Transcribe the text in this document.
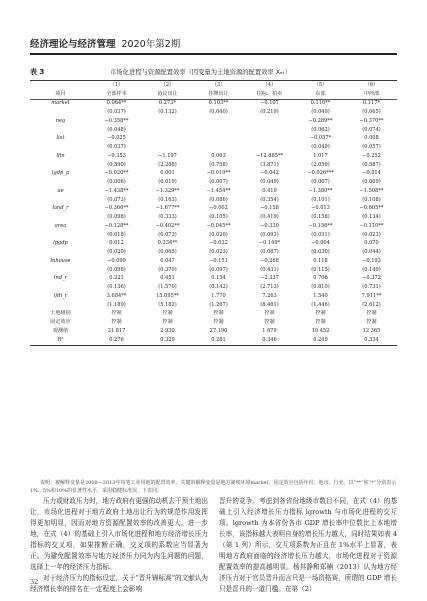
经济理论与经济管理 2020年第2期
表 3	市场化进程与资源配置效率（因变量为土地资源的配置效率 Xₑₜ）
	（1）	（2）	（3）	（4）	（5）	（6）
项目	全部样本	协议出让	挂牌出让	招标、拍卖	东部	中西部
market	0.064**	0.273*	0.103**	−0.107	0.110**	0.117*
	(0.037)	(0.132)	(0.040)	(0.219)	(0.049)	(0.065)
neg	−0.358**				−0.289**	−0.370**
	(0.048)				(0.062)	(0.074)
list	−0.025				−0.057*	0.008
	(0.037)				(0.049)	(0.057)
lfin	−0.353	−1.197	0.063	−12.885**	1.017	−0.252
	(0.590)	(2.288)	(0.758)	(3.871)	(2.059)	(0.587)
lgdp_g	−0.020**	0.001	−0.019**	−0.042	−0.026***	−0.014
	(0.006)	(0.019)	(0.007)	(0.049)	(0.007)	(0.009)
ue	−1.438**	−1.329**	−1.454**	0.419	−1.380**	−1.508**
	(0.073)	(0.163)	(0.086)	(0.354)	(0.101)	(0.108)
land_r	−0.366**	−1.677**	−0.002	−0.158	−0.013	−0.605**
	(0.098)	(0.333)	(0.105)	(0.419)	(0.158)	(0.134)
area	−0.128**	−0.402**	−0.045**	−0.330	−0.156**	−0.110**
	(0.018)	(0.073)	(0.020)	(0.093)	(0.031)	(0.023)
lpgdp	0.012	0.234**	−0.032	−0.149*	−0.004	0.070
	(0.020)	(0.065)	(0.023)	(0.087)	(0.030)	(0.044)
lnhouse	−0.099	0.047	−0.151	−0.268	0.118	−0.193
	(0.098)	(0.370)	(0.097)	(0.431)	(0.115)	(0.149)
lnd_r	0.221	0.451	0.154	−2.337	0.706	−0.372
	(0.136)	(1.570)	(0.142)	(2.713)	(0.810)	(0.731)
lfdi_r	3.684**	15.095**	1.770	7.263	1.540	7.911**
	(1.189)	(5.182)	(1.267)	(8.461)	(1.446)	(2.612)
土地级别	控制	控制	控制	控制	控制	控制
固定效应	控制	控制	控制	控制	控制	控制
观测值	31 817	2 930	27 190	1 679	19 452	12 365
R²	0.276	0.329	0.281	0.346	0.249	0.334
说明：被解释变量是2008—2013年每笔工业用地的配置效率，关键的解释变量是地方制度环境market。固定效应包括年份、地市、行业、以“**”和“*”分别表示1%、5%和10%的显著性水平，采用稳健标准误。下表同。

压力或财政压力时，地方政府有更强的动机去干预土地出让，市场化进程对于地方政府土地出让行为的规范作用发挥得更加明显，因而对地方资源配置效率的改善更大。进一步地，在式（4）的基础上引入市场化进程和地方经济增长压力指标的交叉项，如果推断正确，交叉项的系数应当显著为正。为避免配置效率与地方经济压力同为内生问题的问题，选择上一年的经济压力指标。

对于经济压力的指标设定，关于“晋升锦标赛”的文献认为经济增长率的排名在一定程度上会影响

晋升的竞争。考虑到各省份地级市数目不同，在式（4）的基础上引入经济增长压力指标 lgrowth 与市场化进程的交互项。lgrowth 为本省份各市 GDP 增长率中位数比上本地增长率，该指标越大表明自身的增长压力越大，同时结果如表 4（第 1 列）所示，交互项系数为正且在 1%水平上显著，表明地方政府面临的经济增长压力越大，市场化进程对于资源配置效率的提高越明显。杨其静和郑楠（2013）认为地方经济压力对于官员晋升而言只是一场资格赛，所谓的 GDP 增长只是晋升的一道门槛。在第（2）

32
